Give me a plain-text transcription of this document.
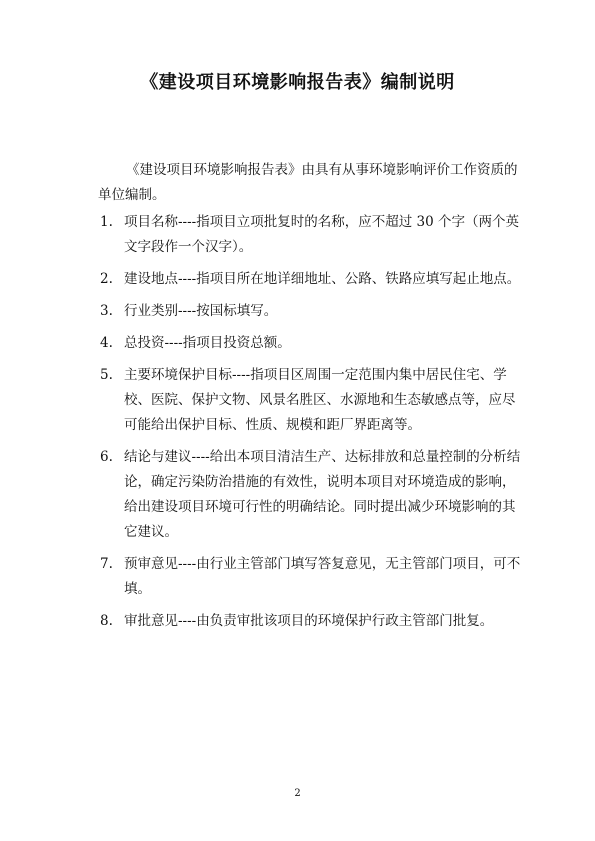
《建设项目环境影响报告表》编制说明
《建设项目环境影响报告表》由具有从事环境影响评价工作资质的单位编制。
1. 项目名称----指项目立项批复时的名称，应不超过 30 个字（两个英文字段作一个汉字）。
2. 建设地点----指项目所在地详细地址、公路、铁路应填写起止地点。
3. 行业类别----按国标填写。
4. 总投资----指项目投资总额。
5. 主要环境保护目标----指项目区周围一定范围内集中居民住宅、学校、医院、保护文物、风景名胜区、水源地和生态敏感点等，应尽可能给出保护目标、性质、规模和距厂界距离等。
6. 结论与建议----给出本项目清洁生产、达标排放和总量控制的分析结论，确定污染防治措施的有效性，说明本项目对环境造成的影响，给出建设项目环境可行性的明确结论。同时提出减少环境影响的其它建议。
7. 预审意见----由行业主管部门填写答复意见，无主管部门项目，可不填。
8. 审批意见----由负责审批该项目的环境保护行政主管部门批复。
2
